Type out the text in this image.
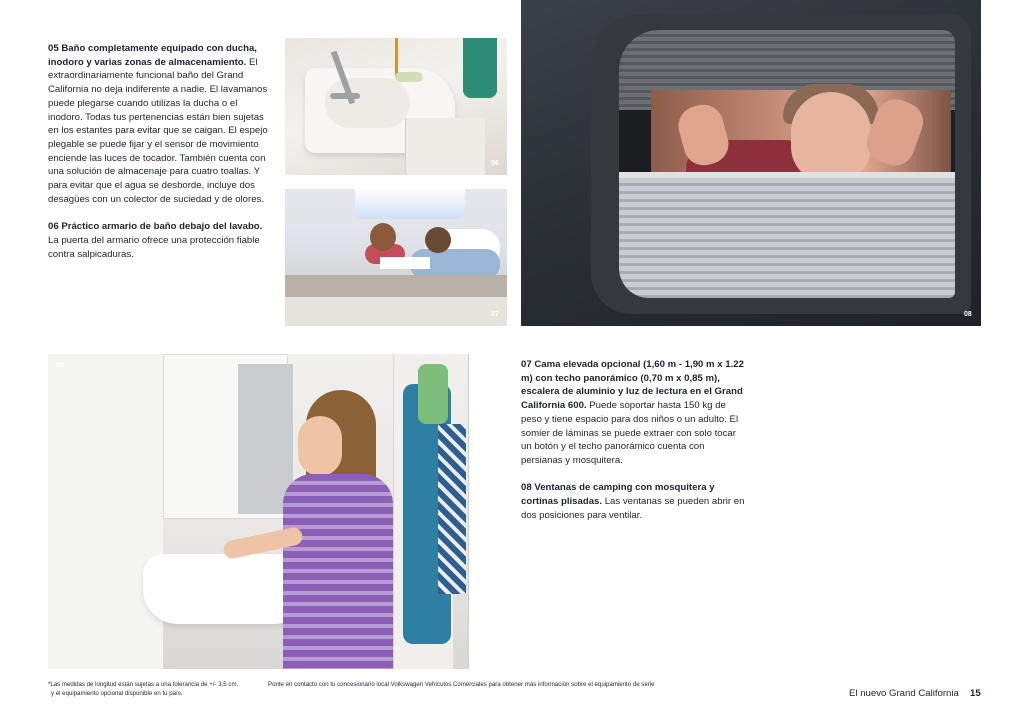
05 Baño completamente equipado con ducha, inodoro y varias zonas de almacenamiento. El extraordinariamente funcional baño del Grand California no deja indiferente a nadie. El lavamanos puede plegarse cuando utilizas la ducha o el inodoro. Todas tus pertenencias están bien sujetas en los estantes para evitar que se caigan. El espejo plegable se puede fijar y el sensor de movimiento enciende las luces de tocador. También cuenta con una solución de almacenaje para cuatro toallas. Y para evitar que el agua se desborde, incluye dos desagües con un colector de suciedad y de olores.

06 Práctico armario de baño debajo del lavabo. La puerta del armario ofrece una protección fiable contra salpicaduras.

06
07	08
05
11

07 Cama elevada opcional (1,60 m - 1,90 m x 1.22 m) con techo panorámico (0,70 m x 0,85 m), escalera de aluminio y luz de lectura en el Grand California 600. Puede soportar hasta 150 kg de peso y tiene espacio para dos niños o un adulto. El somier de láminas se puede extraer con solo tocar un botón y el techo panorámico cuenta con persianas y mosquitera.

08 Ventanas de camping con mosquitera y cortinas plisadas. Las ventanas se pueden abrir en dos posiciones para ventilar.

*Las medidas de longitud están sujetas a una tolerancia de +/- 3,5 cm.
y el equipamiento opcional disponible en tu país.
Ponte en contacto con tu concesionario local Volkswagen Vehículos Comerciales para obtener más información sobre el equipamiento de serie
El nuevo Grand California 15
